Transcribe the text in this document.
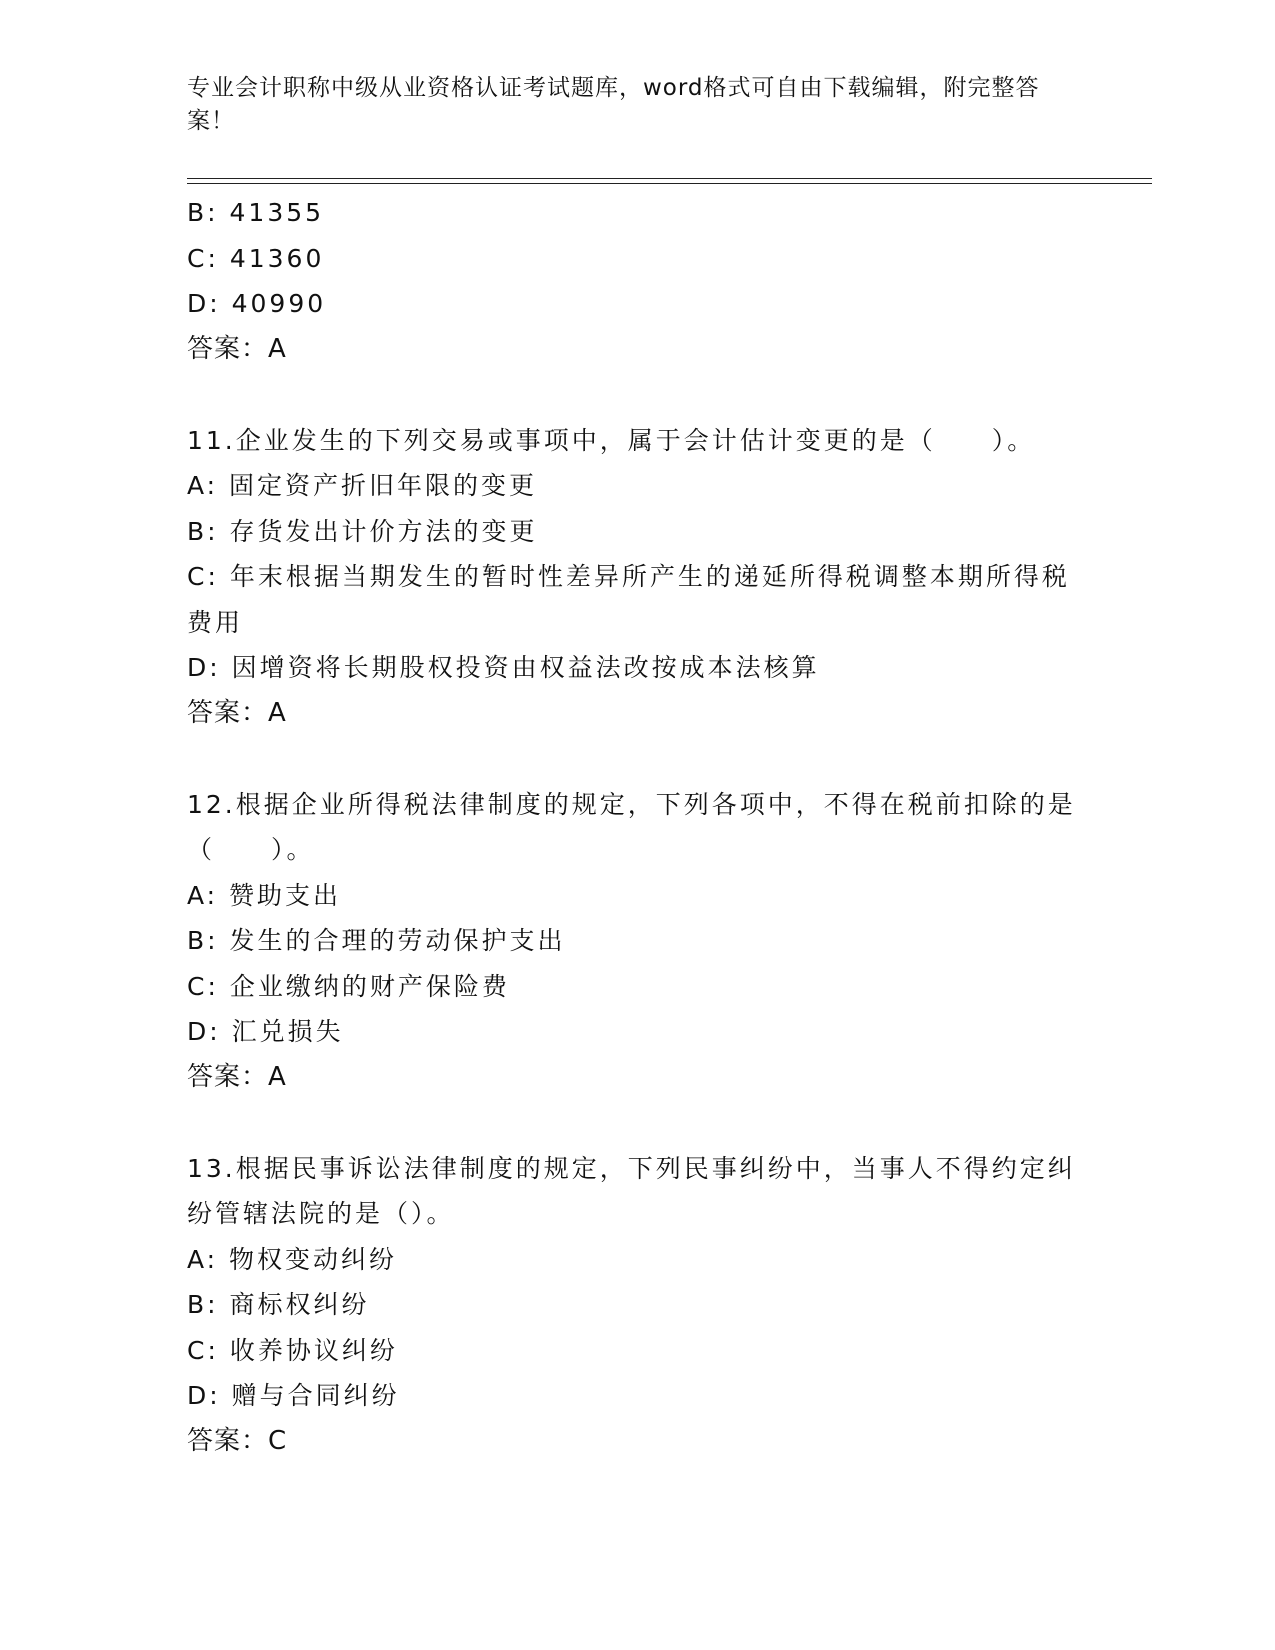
专业会计职称中级从业资格认证考试题库，word格式可自由下载编辑，附完整答案！
B: 41355
C: 41360
D: 40990
答案：A
11.企业发生的下列交易或事项中，属于会计估计变更的是（　　）。
A: 固定资产折旧年限的变更
B: 存货发出计价方法的变更
C: 年末根据当期发生的暂时性差异所产生的递延所得税调整本期所得税费用
D: 因增资将长期股权投资由权益法改按成本法核算
答案：A
12.根据企业所得税法律制度的规定，下列各项中，不得在税前扣除的是（　　）。
A: 赞助支出
B: 发生的合理的劳动保护支出
C: 企业缴纳的财产保险费
D: 汇兑损失
答案：A
13.根据民事诉讼法律制度的规定，下列民事纠纷中，当事人不得约定纠纷管辖法院的是（）。
A: 物权变动纠纷
B: 商标权纠纷
C: 收养协议纠纷
D: 赠与合同纠纷
答案：C
